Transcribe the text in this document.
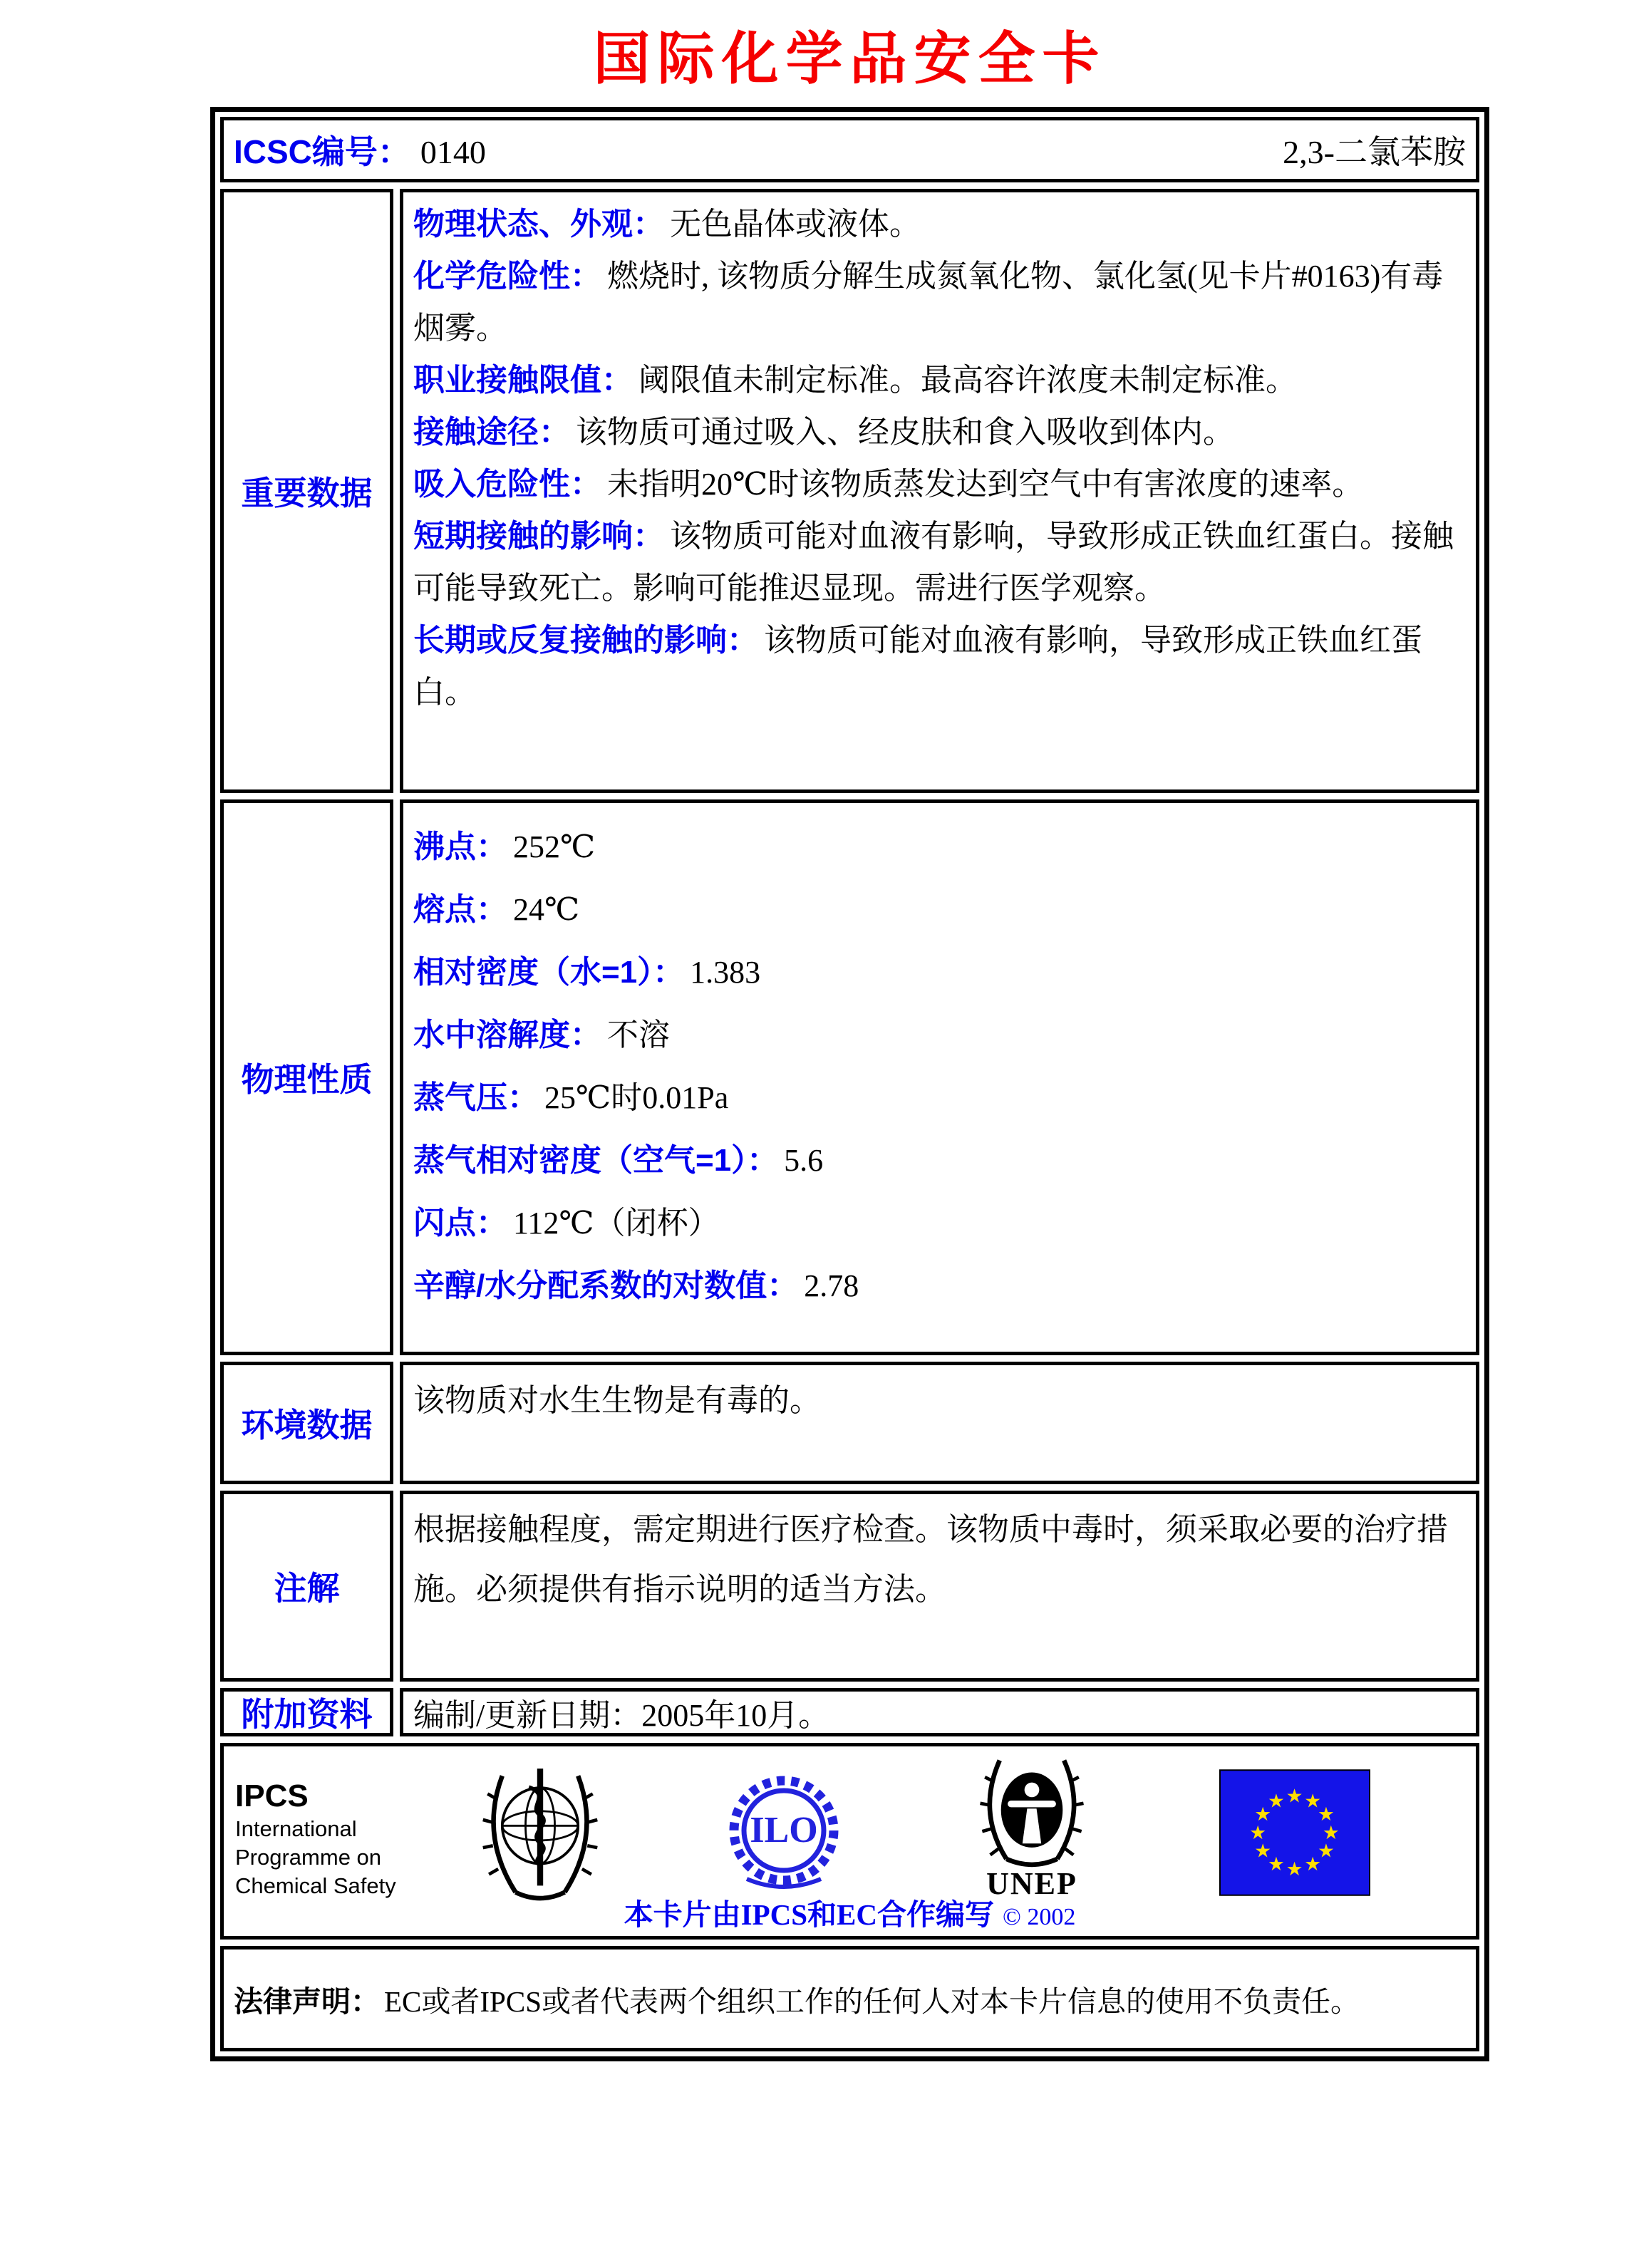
国际化学品安全卡
ICSC编号： 0140	2,3-二氯苯胺
重要数据

物理状态、外观： 无色晶体或液体。

化学危险性： 燃烧时, 该物质分解生成氮氧化物、氯化氢(见卡片#0163)有毒烟雾。

职业接触限值： 阈限值未制定标准。最高容许浓度未制定标准。

接触途径： 该物质可通过吸入、经皮肤和食入吸收到体内。

吸入危险性： 未指明20℃时该物质蒸发达到空气中有害浓度的速率。

短期接触的影响： 该物质可能对血液有影响，导致形成正铁血红蛋白。接触可能导致死亡。影响可能推迟显现。需进行医学观察。

长期或反复接触的影响： 该物质可能对血液有影响，导致形成正铁血红蛋白。

物理性质

沸点： 252℃

熔点： 24℃

相对密度（水=1）： 1.383

水中溶解度： 不溶

蒸气压： 25℃时0.01Pa

蒸气相对密度（空气=1）： 5.6

闪点： 112℃（闭杯）

辛醇/水分配系数的对数值： 2.78

环境数据

该物质对水生生物是有毒的。

注解

根据接触程度，需定期进行医疗检查。该物质中毒时，须采取必要的治疗措施。必须提供有指示说明的适当方法。

附加资料	编制/更新日期：2005年10月。

IPCS
International
Programme on
Chemical Safety
ILO
UNEP
★ ★
★
★
★
★
★
★
★
★
★
★
本卡片由IPCS和EC合作编写 © 2002
法律声明： EC或者IPCS或者代表两个组织工作的任何人对本卡片信息的使用不负责任。
